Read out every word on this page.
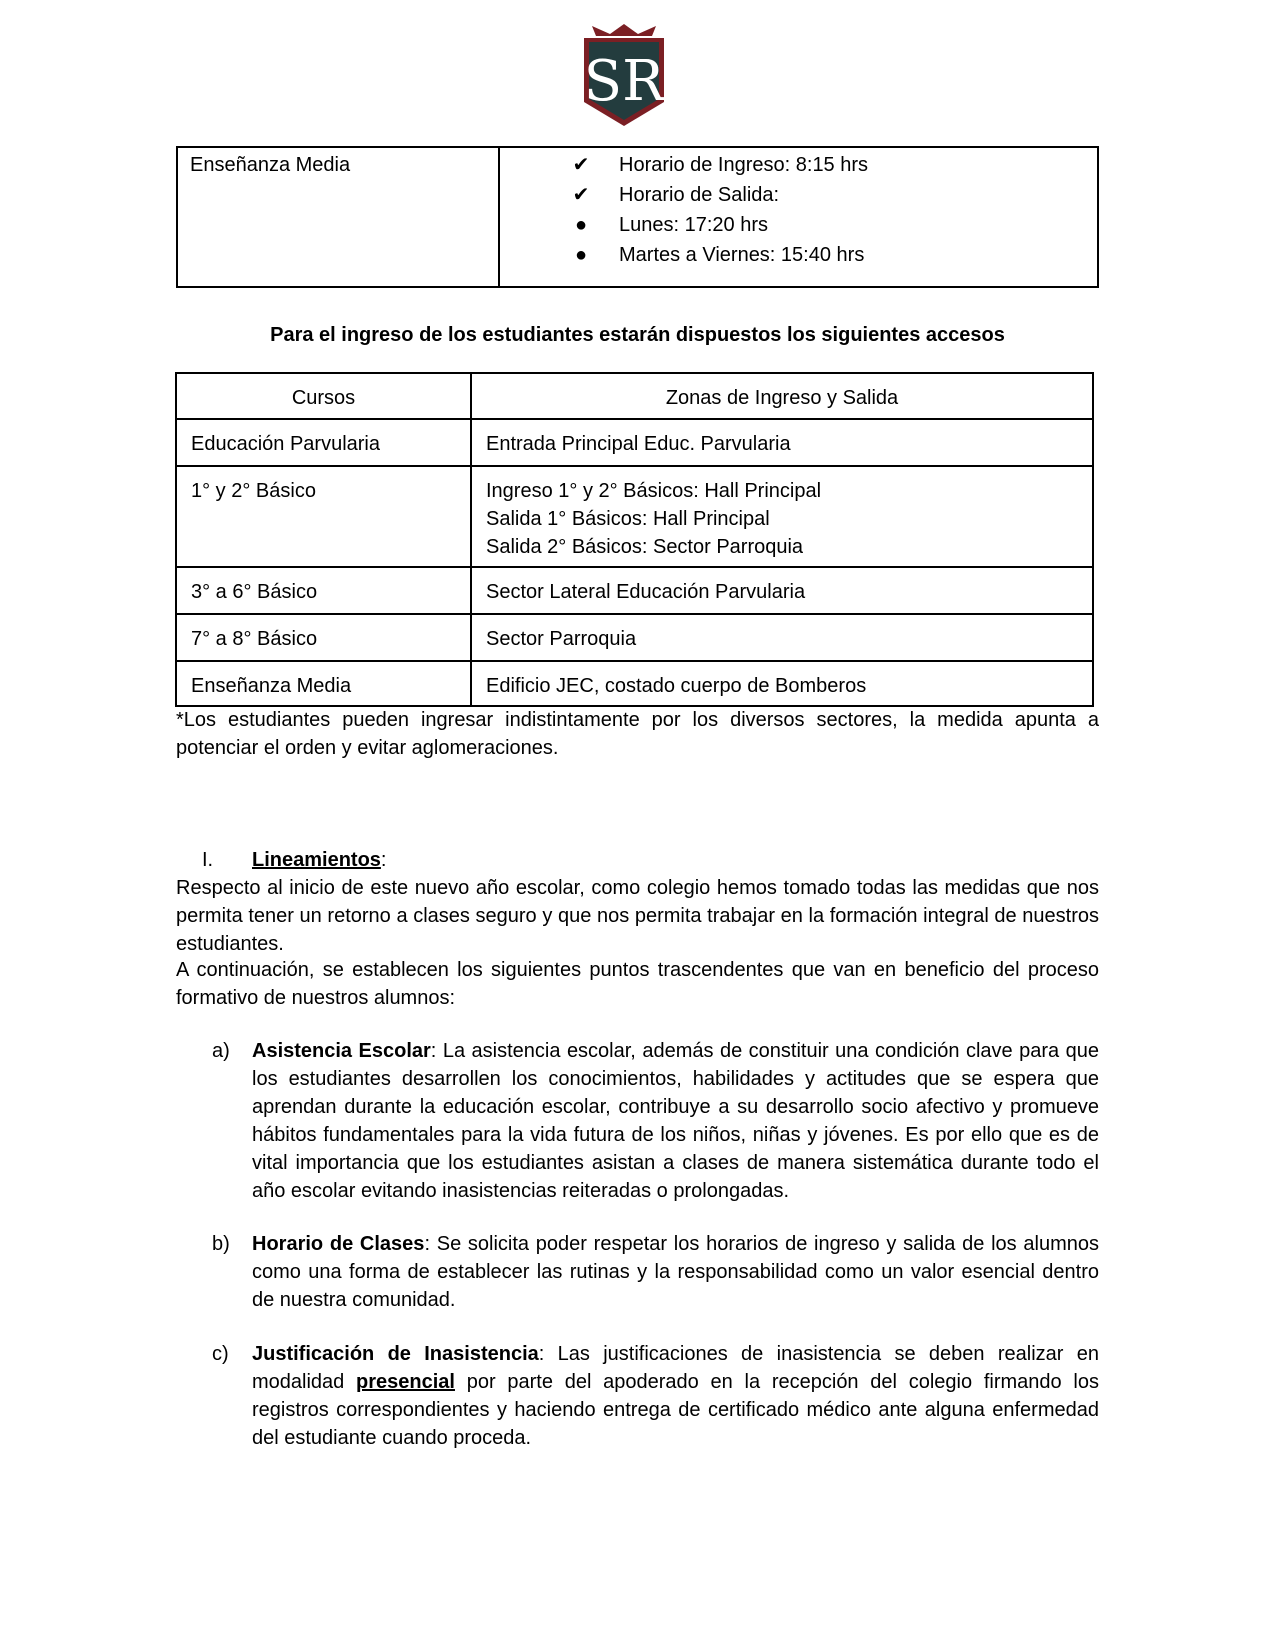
SR
Enseñanza Media	✔ Horario de Ingreso: 8:15 hrs
✔ Horario de Salida:
● Lunes: 17:20 hrs
● Martes a Viernes: 15:40 hrs
Para el ingreso de los estudiantes estarán dispuestos los siguientes accesos
Cursos	Zonas de Ingreso y Salida
Educación Parvularia	Entrada Principal Educ. Parvularia

1° y 2° Básico	Ingreso 1° y 2° Básicos: Hall Principal
Salida 1° Básicos: Hall Principal
Salida 2° Básicos: Sector Parroquia

3° a 6° Básico	Sector Lateral Educación Parvularia

7° a 8° Básico	Sector Parroquia

Enseñanza Media	Edificio JEC, costado cuerpo de Bomberos
*Los estudiantes pueden ingresar indistintamente por los diversos sectores, la medida apunta a potenciar el orden y evitar aglomeraciones.
I. Lineamientos:
Respecto al inicio de este nuevo año escolar, como colegio hemos tomado todas las medidas que nos permita tener un retorno a clases seguro y que nos permita trabajar en la formación integral de nuestros estudiantes.
A continuación, se establecen los siguientes puntos trascendentes que van en beneficio del proceso formativo de nuestros alumnos:
a) Asistencia Escolar: La asistencia escolar, además de constituir una condición clave para que los estudiantes desarrollen los conocimientos, habilidades y actitudes que se espera que aprendan durante la educación escolar, contribuye a su desarrollo socio afectivo y promueve hábitos fundamentales para la vida futura de los niños, niñas y jóvenes. Es por ello que es de vital importancia que los estudiantes asistan a clases de manera sistemática durante todo el año escolar evitando inasistencias reiteradas o prolongadas.
b) Horario de Clases: Se solicita poder respetar los horarios de ingreso y salida de los alumnos como una forma de establecer las rutinas y la responsabilidad como un valor esencial dentro de nuestra comunidad.
c) Justificación de Inasistencia: Las justificaciones de inasistencia se deben realizar en modalidad presencial por parte del apoderado en la recepción del colegio firmando los registros correspondientes y haciendo entrega de certificado médico ante alguna enfermedad del estudiante cuando proceda.
